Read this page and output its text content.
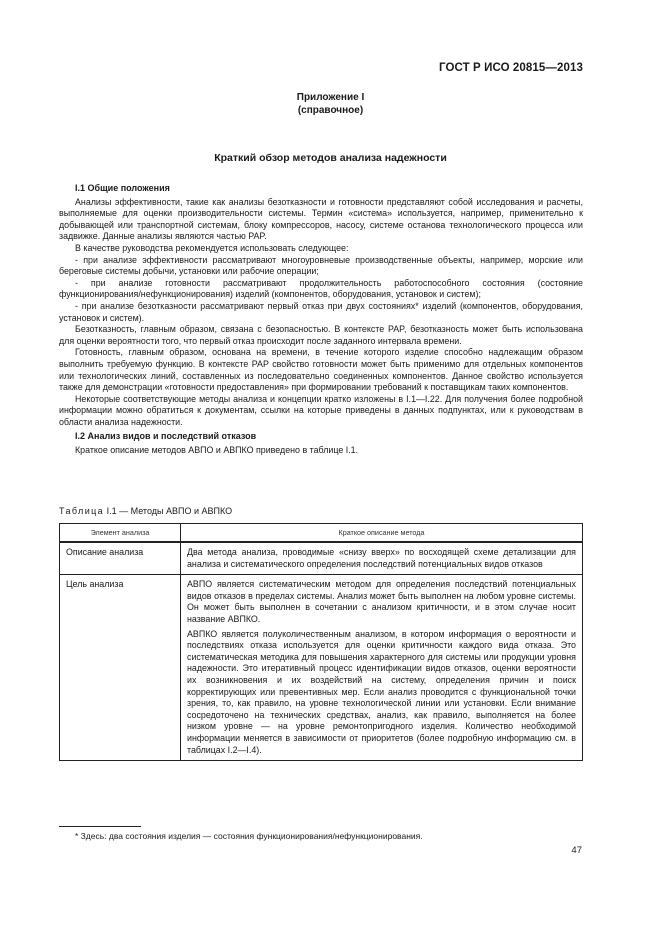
ГОСТ Р ИСО 20815—2013
Приложение I
(справочное)
Краткий обзор методов анализа надежности
I.1 Общие положения

Анализы эффективности, такие как анализы безотказности и готовности представляют собой исследования и расчеты, выполняемые для оценки производительности системы. Термин «система» используется, например, применительно к добывающей или транспортной системам, блоку компрессоров, насосу, системе останова технологического процесса или задвижке. Данные анализы являются частью PAP.

В качестве руководства рекомендуется использовать следующее:

- при анализе эффективности рассматривают многоуровневые производственные объекты, например, морские или береговые системы добычи, установки или рабочие операции;

- при анализе готовности рассматривают продолжительность работоспособного состояния (состояние функционирования/нефункционирования) изделий (компонентов, оборудования, установок и систем);

- при анализе безотказности рассматривают первый отказ при двух состояниях* изделий (компонентов, оборудования, установок и систем).

Безотказность, главным образом, связана с безопасностью. В контексте PAP, безотказность может быть использована для оценки вероятности того, что первый отказ происходит после заданного интервала времени.

Готовность, главным образом, основана на времени, в течение которого изделие способно надлежащим образом выполнить требуемую функцию. В контексте PAP свойство готовности может быть применимо для отдельных компонентов или технологических линий, составленных из последовательно соединенных компонентов. Данное свойство используется также для демонстрации «готовности предоставления» при формировании требований к поставщикам таких компонентов.

Некоторые соответствующие методы анализа и концепции кратко изложены в I.1—I.22. Для получения более подробной информации можно обратиться к документам, ссылки на которые приведены в данных подпунктах, или к руководствам в области анализа надежности.

I.2 Анализ видов и последствий отказов

Краткое описание методов АВПО и АВПКО приведено в таблице I.1.

Таблица I.1 — Методы АВПО и АВПКО
Элемент анализа	Краткое описание метода
Описание анализа	Два метода анализа, проводимые «снизу вверх» по восходящей схеме детализации для анализа и систематического определения последствий потенциальных видов отказов

Цель анализа	АВПО является систематическим методом для определения последствий потенциальных видов отказов в пределах системы. Анализ может быть выполнен на любом уровне системы. Он может быть выполнен в сочетании с анализом критичности, и в этом случае носит название АВПКО.

АВПКО является полуколичественным анализом, в котором информация о вероятности и последствиях отказа используется для оценки критичности каждого вида отказа. Это систематическая методика для повышения характерного для системы или продукции уровня надежности. Это итеративный процесс идентификации видов отказов, оценки вероятности их возникновения и их воздействий на систему, определения причин и поиск корректирующих или превентивных мер. Если анализ проводится с функциональной точки зрения, то, как правило, на уровне технологической линии или установки. Если внимание сосредоточено на технических средствах, анализ, как правило, выполняется на более низком уровне — на уровне ремонтопригодного изделия. Количество необходимой информации меняется в зависимости от приоритетов (более подробную информацию см. в таблицах I.2—I.4).

* Здесь: два состояния изделия — состояния функционирования/нефункционирования.
47
